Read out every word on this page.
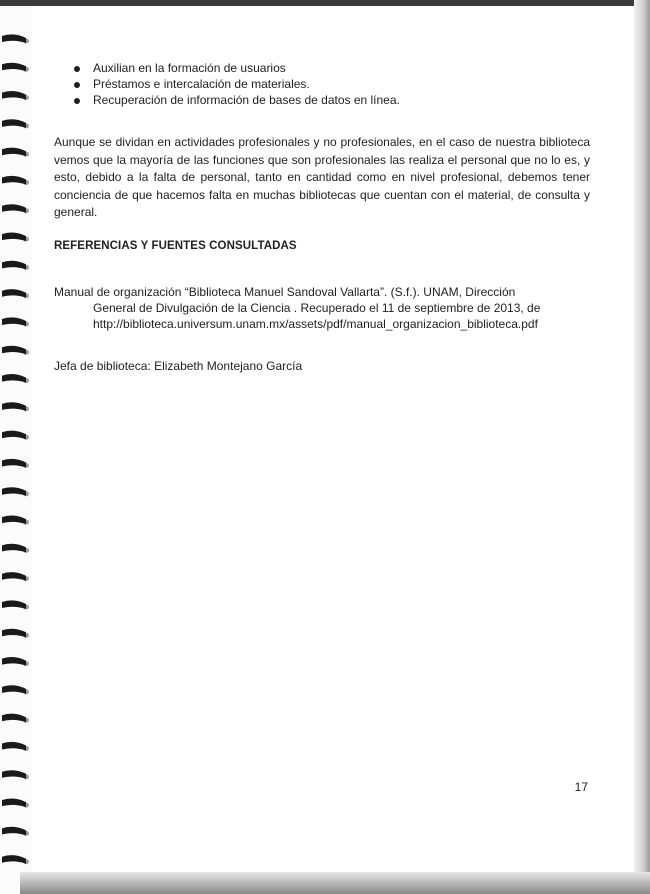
Auxilian en la formación de usuarios
Préstamos e intercalación de materiales.
Recuperación de información de bases de datos en línea.

Aunque se dividan en actividades profesionales y no profesionales, en el caso de nuestra biblioteca vemos que la mayoría de las funciones que son profesionales las realiza el personal que no lo es, y esto, debido a la falta de personal, tanto en cantidad como en nivel profesional, debemos tener conciencia de que hacemos falta en muchas bibliotecas que cuentan con el material, de consulta y general.

REFERENCIAS Y FUENTES CONSULTADAS
Manual de organización “Biblioteca Manuel Sandoval Vallarta”. (S.f.). UNAM, Dirección
General de Divulgación de la Ciencia . Recuperado el 11 de septiembre de 2013, de
http://biblioteca.universum.unam.mx/assets/pdf/manual_organizacion_biblioteca.pdf
Jefa de biblioteca: Elizabeth Montejano García
17
